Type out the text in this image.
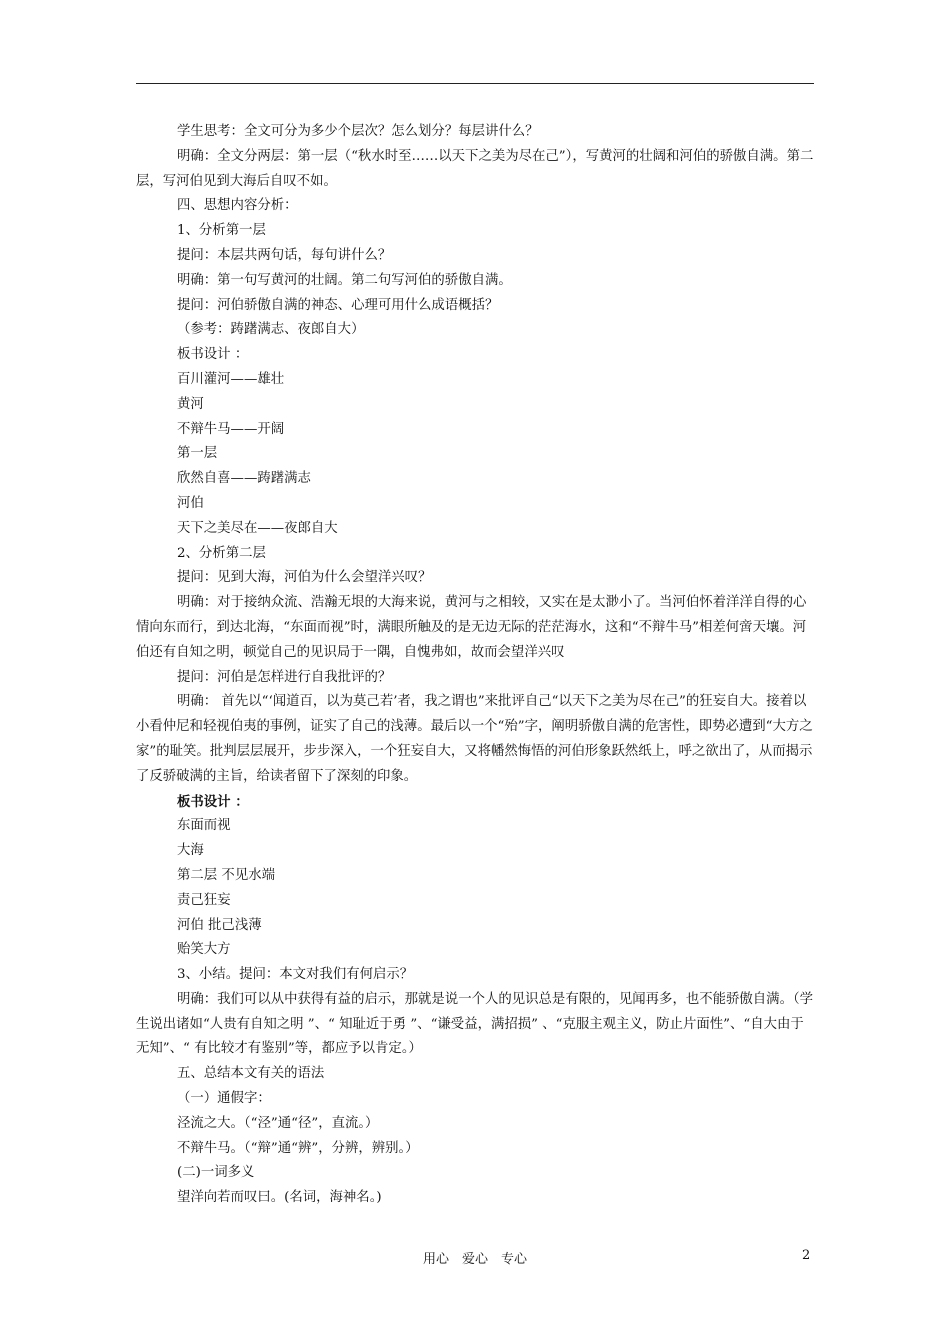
学生思考：全文可分为多少个层次？怎么划分？每层讲什么？

明确：全文分两层：第一层（“秋水时至……以天下之美为尽在己”），写黄河的壮阔和河伯的骄傲自满。第二层，写河伯见到大海后自叹不如。

四、思想内容分析：

1、分析第一层

提问：本层共两句话，每句讲什么？

明确：第一句写黄河的壮阔。第二句写河伯的骄傲自满。

提问：河伯骄傲自满的神态、心理可用什么成语概括？

（参考：踌躇满志、夜郎自大）

板书设计 ：

百川灌河——雄壮

黄河

不辩牛马——开阔

第一层

欣然自喜——踌躇满志

河伯

天下之美尽在——夜郎自大

2、分析第二层

提问：见到大海，河伯为什么会望洋兴叹？

明确：对于接纳众流、浩瀚无垠的大海来说，黄河与之相较，又实在是太渺小了。当河伯怀着洋洋自得的心情向东而行，到达北海，“东面而视”时，满眼所触及的是无边无际的茫茫海水，这和“不辩牛马”相差何啻天壤。河伯还有自知之明，顿觉自己的见识局于一隅，自愧弗如，故而会望洋兴叹

提问：河伯是怎样进行自我批评的？

明确： 首先以“‘闻道百，以为莫己若’者，我之谓也”来批评自己“以天下之美为尽在己”的狂妄自大。接着以小看仲尼和轻视伯夷的事例，证实了自己的浅薄。最后以一个“殆”字，阐明骄傲自满的危害性，即势必遭到“大方之家”的耻笑。批判层层展开，步步深入，一个狂妄自大，又将幡然悔悟的河伯形象跃然纸上，呼之欲出了，从而揭示了反骄破满的主旨，给读者留下了深刻的印象。

板书设计 ：

东面而视

大海

第二层 不见水端

责己狂妄

河伯 批己浅薄

贻笑大方

3、小结。提问：本文对我们有何启示？

明确：我们可以从中获得有益的启示，那就是说一个人的见识总是有限的，见闻再多，也不能骄傲自满。（学生说出诸如“人贵有自知之明 ”、“ 知耻近于勇 ”、“谦受益，满招损” 、“克服主观主义，防止片面性”、“自大由于无知”、“ 有比较才有鉴别”等，都应予以肯定。）

五、总结本文有关的语法

（一）通假字：

泾流之大。（“泾”通“径”，直流。）

不辩牛马。（“辩”通“辨”，分辨，辨别。）

(二)一词多义

望洋向若而叹曰。(名词，海神名。)

用心　爱心　专心	2
